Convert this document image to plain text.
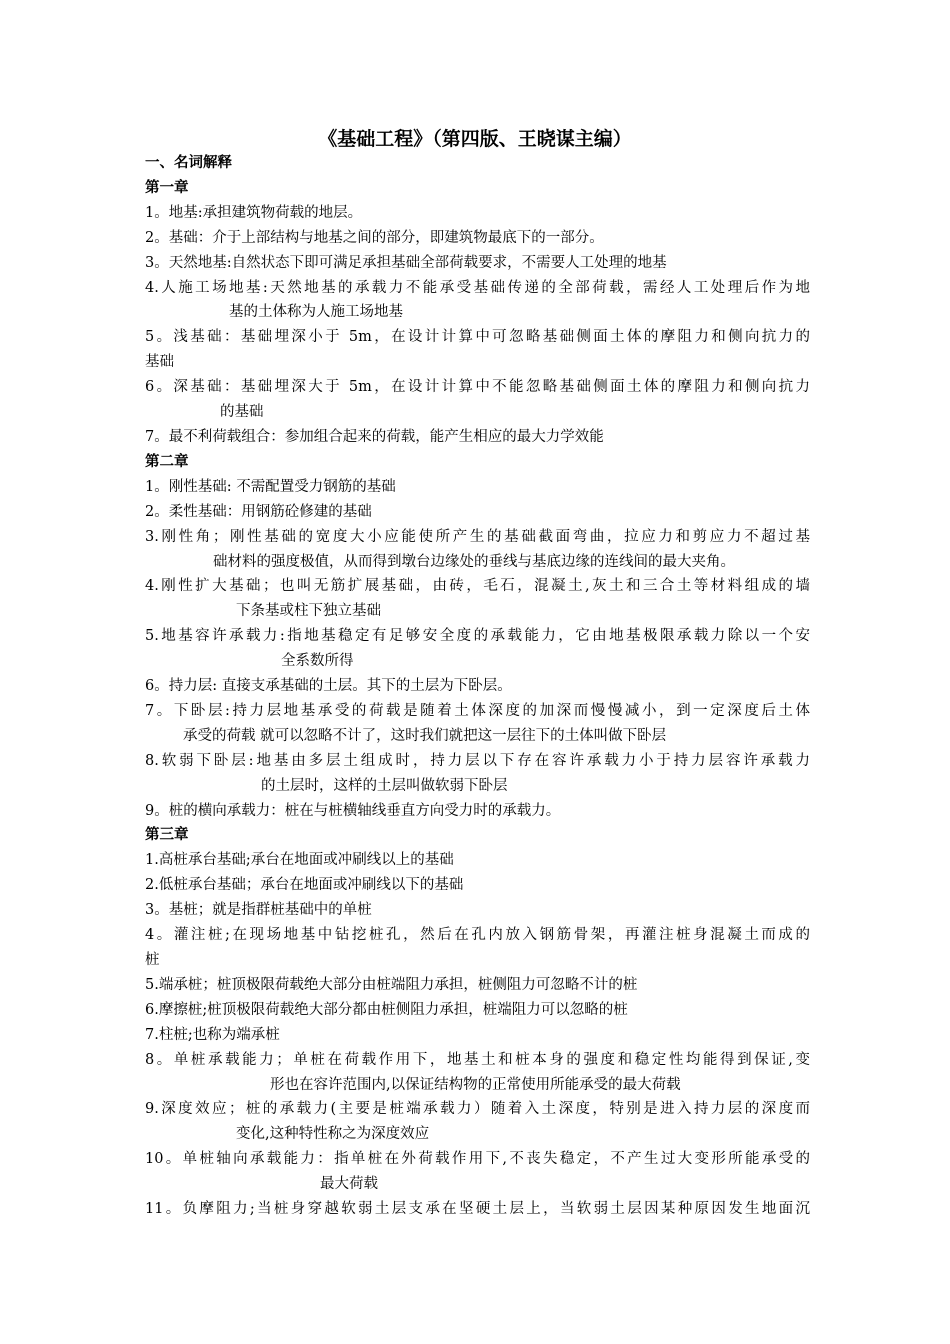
《基础工程》（第四版、王晓谋主编）
一、名词解释
第一章
1。地基:承担建筑物荷载的地层。
2。基础：介于上部结构与地基之间的部分，即建筑物最底下的一部分。
3。天然地基:自然状态下即可满足承担基础全部荷载要求，不需要人工处理的地基
4.人施工场地基:天然地基的承载力不能承受基础传递的全部荷载，需经人工处理后作为地
基的土体称为人施工场地基
5。浅基础：基础埋深小于 5m，在设计计算中可忽略基础侧面土体的摩阻力和侧向抗力的
基础
6。深基础：基础埋深大于 5m，在设计计算中不能忽略基础侧面土体的摩阻力和侧向抗力
的基础
7。最不利荷载组合：参加组合起来的荷载，能产生相应的最大力学效能
第二章
1。刚性基础: 不需配置受力钢筋的基础
2。柔性基础：用钢筋砼修建的基础
3.刚性角；刚性基础的宽度大小应能使所产生的基础截面弯曲，拉应力和剪应力不超过基
础材料的强度极值，从而得到墩台边缘处的垂线与基底边缘的连线间的最大夹角。
4.刚性扩大基础；也叫无筋扩展基础，由砖，毛石，混凝土,灰土和三合土等材料组成的墙
下条基或柱下独立基础
5.地基容许承载力:指地基稳定有足够安全度的承载能力，它由地基极限承载力除以一个安
全系数所得
6。持力层: 直接支承基础的土层。其下的土层为下卧层。
7。下卧层:持力层地基承受的荷载是随着土体深度的加深而慢慢减小，到一定深度后土体
承受的荷载 就可以忽略不计了，这时我们就把这一层往下的土体叫做下卧层
8.软弱下卧层:地基由多层土组成时，持力层以下存在容许承载力小于持力层容许承载力
的土层时，这样的土层叫做软弱下卧层
9。桩的横向承载力：桩在与桩横轴线垂直方向受力时的承载力。
第三章
1.高桩承台基础;承台在地面或冲刷线以上的基础
2.低桩承台基础；承台在地面或冲刷线以下的基础
3。基桩；就是指群桩基础中的单桩
4。灌注桩;在现场地基中钻挖桩孔，然后在孔内放入钢筋骨架，再灌注桩身混凝土而成的
桩
5.端承桩；桩顶极限荷载绝大部分由桩端阻力承担，桩侧阻力可忽略不计的桩
6.摩擦桩;桩顶极限荷载绝大部分都由桩侧阻力承担，桩端阻力可以忽略的桩
7.柱桩;也称为端承桩
8。单桩承载能力；单桩在荷载作用下，地基土和桩本身的强度和稳定性均能得到保证,变
形也在容许范围内,以保证结构物的正常使用所能承受的最大荷载
9.深度效应；桩的承载力(主要是桩端承载力）随着入土深度，特别是进入持力层的深度而
变化,这种特性称之为深度效应
10。单桩轴向承载能力：指单桩在外荷载作用下,不丧失稳定，不产生过大变形所能承受的
最大荷载
11。负摩阻力;当桩身穿越软弱土层支承在坚硬土层上，当软弱土层因某种原因发生地面沉
